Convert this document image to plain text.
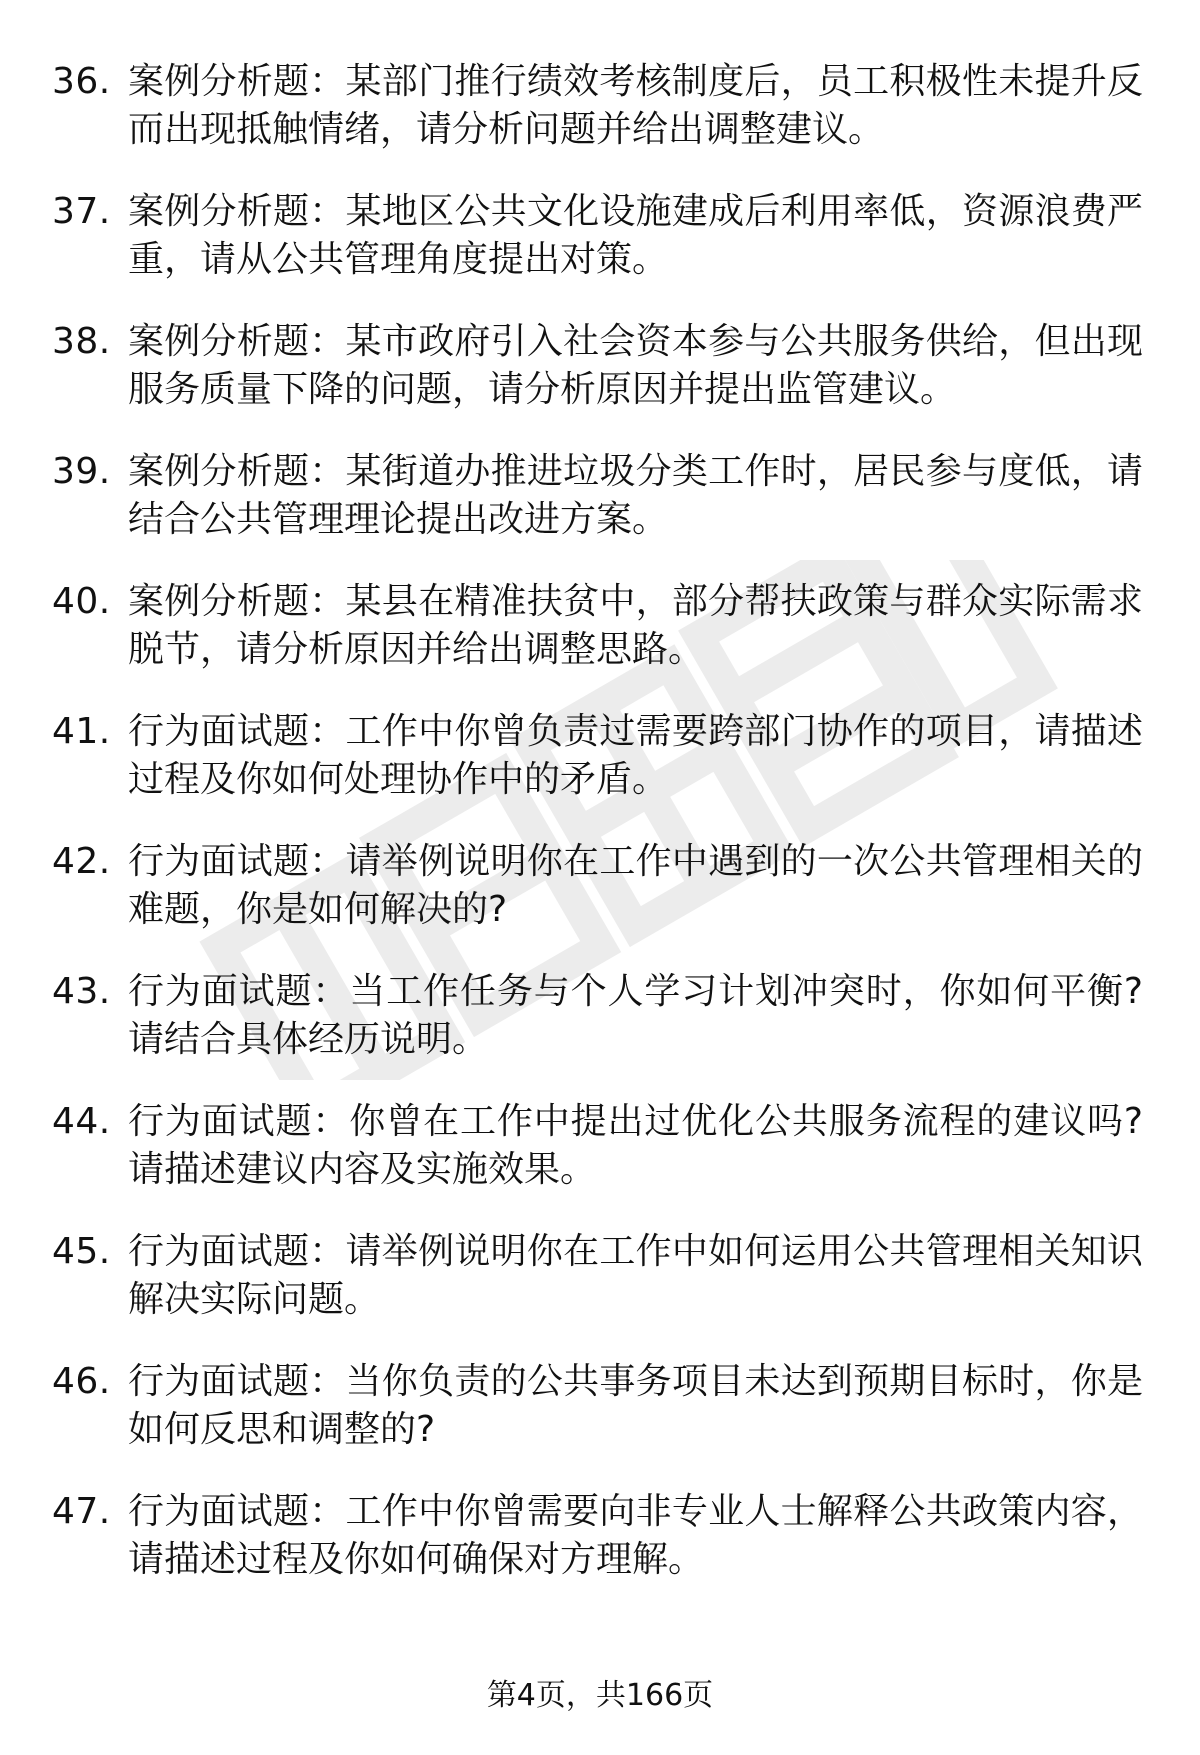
36. 案例分析题：某部门推行绩效考核制度后，员工积极性未提升反而出现抵触情绪，请分析问题并给出调整建议。
37. 案例分析题：某地区公共文化设施建成后利用率低，资源浪费严重，请从公共管理角度提出对策。
38. 案例分析题：某市政府引入社会资本参与公共服务供给，但出现服务质量下降的问题，请分析原因并提出监管建议。
39. 案例分析题：某街道办推进垃圾分类工作时，居民参与度低，请结合公共管理理论提出改进方案。
40. 案例分析题：某县在精准扶贫中，部分帮扶政策与群众实际需求脱节，请分析原因并给出调整思路。
41. 行为面试题：工作中你曾负责过需要跨部门协作的项目，请描述过程及你如何处理协作中的矛盾。
42. 行为面试题：请举例说明你在工作中遇到的一次公共管理相关的难题，你是如何解决的?
43. 行为面试题：当工作任务与个人学习计划冲突时，你如何平衡?请结合具体经历说明。
44. 行为面试题：你曾在工作中提出过优化公共服务流程的建议吗?请描述建议内容及实施效果。
45. 行为面试题：请举例说明你在工作中如何运用公共管理相关知识解决实际问题。
46. 行为面试题：当你负责的公共事务项目未达到预期目标时，你是如何反思和调整的?
47. 行为面试题：工作中你曾需要向非专业人士解释公共政策内容，请描述过程及你如何确保对方理解。
第4页，共166页
